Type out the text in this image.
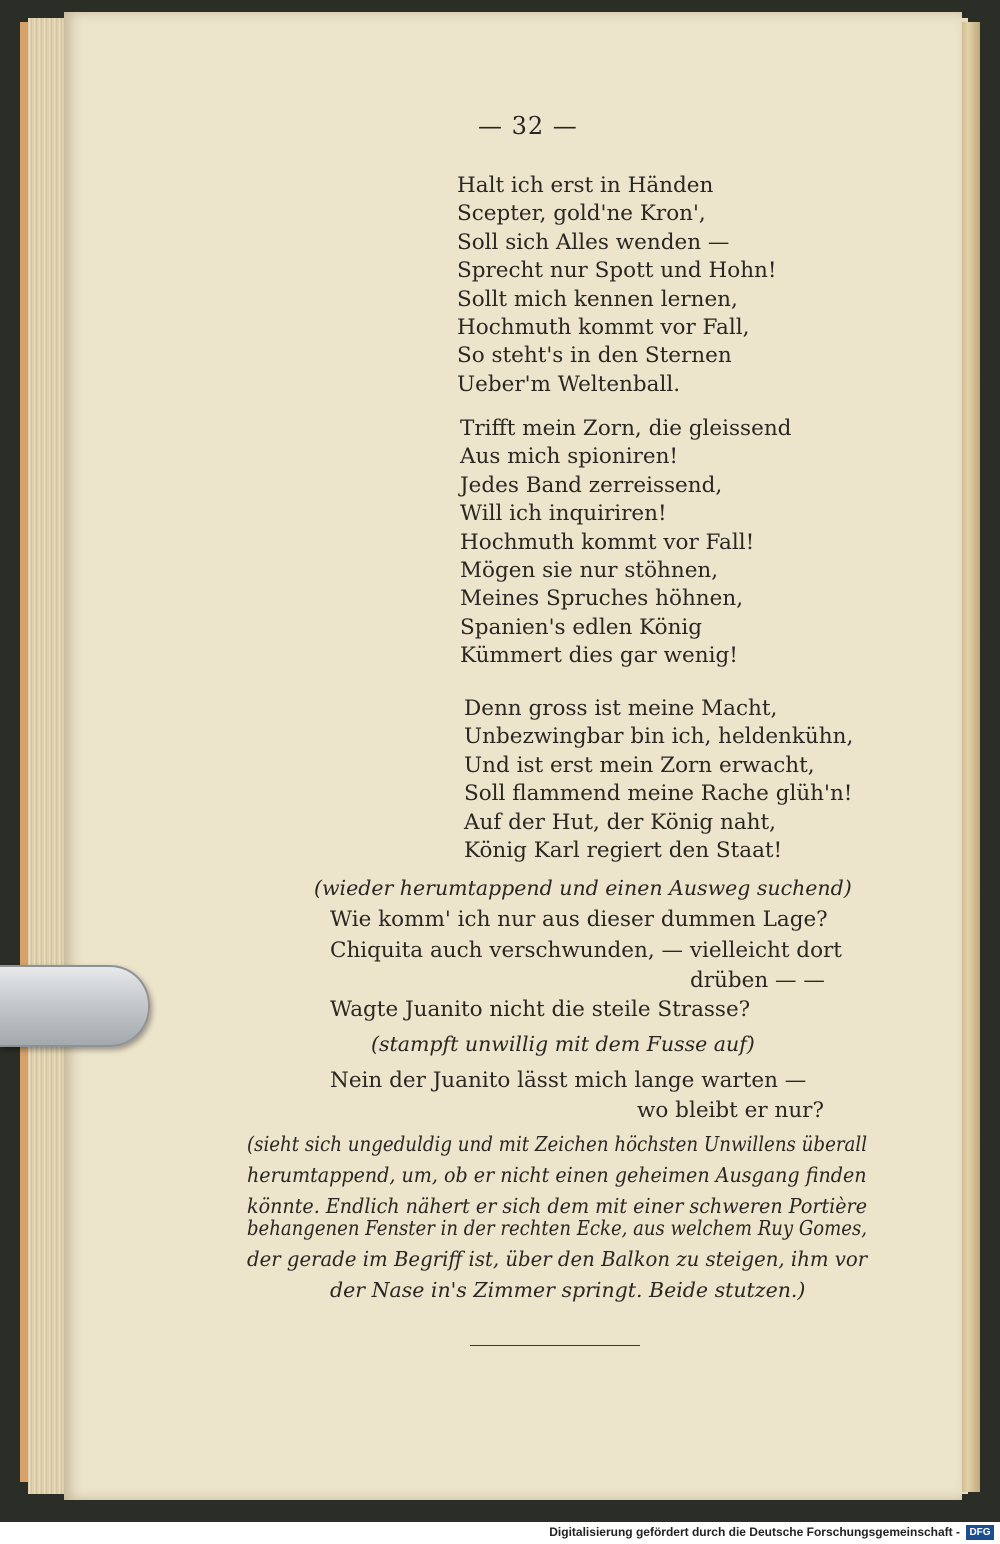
— 32 —
Halt ich erst in Händen
Scepter, gold'ne Kron',
Soll sich Alles wenden —
Sprecht nur Spott und Hohn!
Sollt mich kennen lernen,
Hochmuth kommt vor Fall,
So steht's in den Sternen
Ueber'm Weltenball.
Trifft mein Zorn, die gleissend
Aus mich spioniren!
Jedes Band zerreissend,
Will ich inquiriren!
Hochmuth kommt vor Fall!
Mögen sie nur stöhnen,
Meines Spruches höhnen,
Spanien's edlen König
Kümmert dies gar wenig!
Denn gross ist meine Macht,
Unbezwingbar bin ich, heldenkühn,
Und ist erst mein Zorn erwacht,
Soll flammend meine Rache glüh'n!
Auf der Hut, der König naht,
König Karl regiert den Staat!
(wieder herumtappend und einen Ausweg suchend)
Wie komm' ich nur aus dieser dummen Lage?
Chiquita auch verschwunden, — vielleicht dort
drüben — —
Wagte Juanito nicht die steile Strasse?
(stampft unwillig mit dem Fusse auf)
Nein der Juanito lässt mich lange warten —
wo bleibt er nur?
(sieht sich ungeduldig und mit Zeichen höchsten Unwillens überall
herumtappend, um, ob er nicht einen geheimen Ausgang finden
könnte. Endlich nähert er sich dem mit einer schweren Portière
behangenen Fenster in der rechten Ecke, aus welchem Ruy Gomes,
der gerade im Begriff ist, über den Balkon zu steigen, ihm vor
der Nase in's Zimmer springt. Beide stutzen.)
Digitalisierung gefördert durch die Deutsche Forschungsgemeinschaft - DFG
